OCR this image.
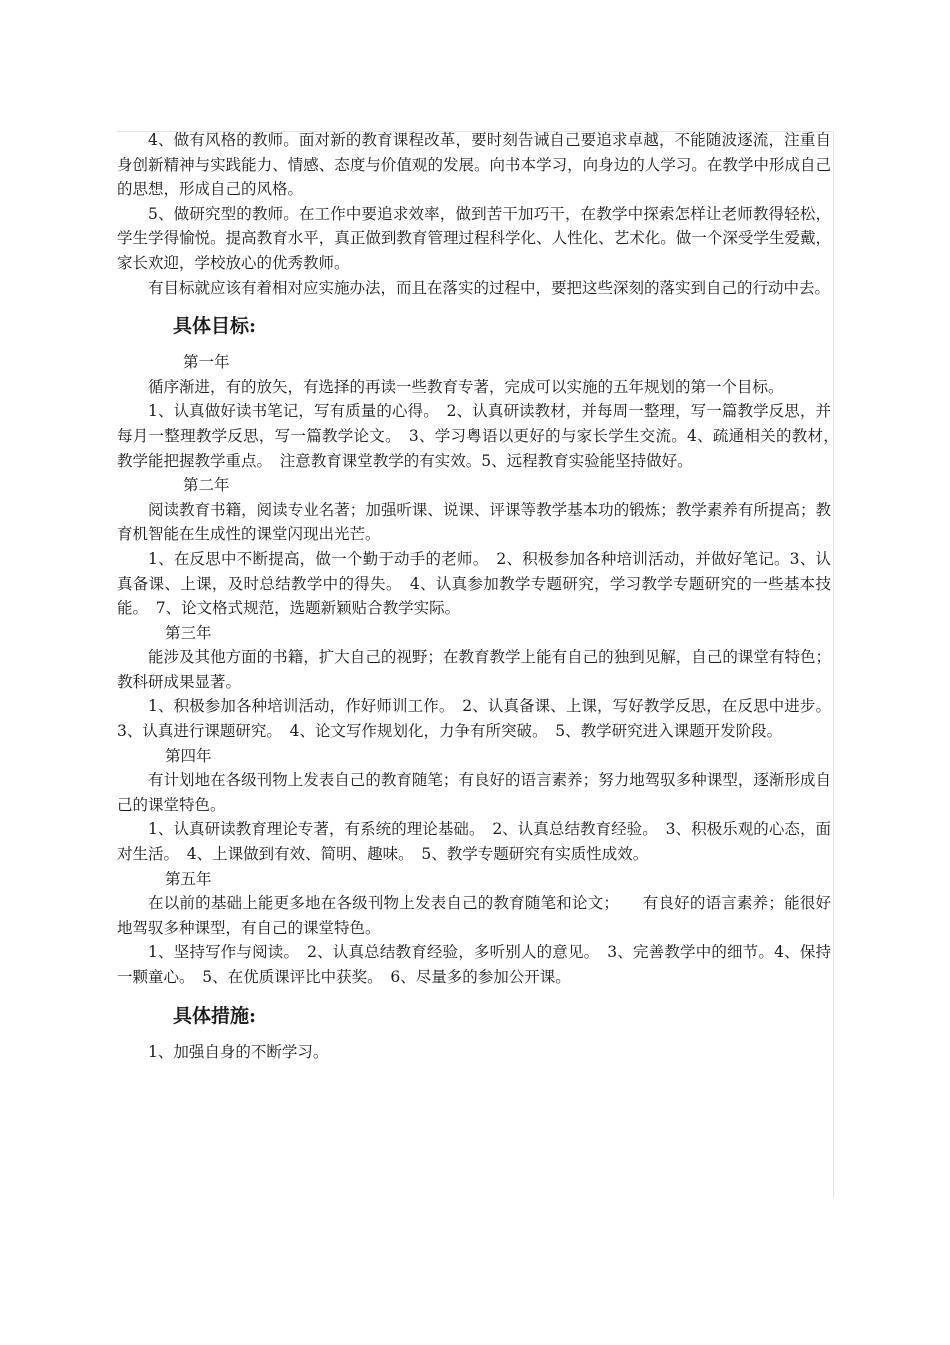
4、做有风格的教师。面对新的教育课程改革，要时刻告诫自己要追求卓越，不能随波逐流，注重自身创新精神与实践能力、情感、态度与价值观的发展。向书本学习，向身边的人学习。在教学中形成自己的思想，形成自己的风格。

5、做研究型的教师。在工作中要追求效率，做到苦干加巧干，在教学中探索怎样让老师教得轻松，学生学得愉悦。提高教育水平，真正做到教育管理过程科学化、人性化、艺术化。做一个深受学生爱戴，家长欢迎，学校放心的优秀教师。

有目标就应该有着相对应实施办法，而且在落实的过程中，要把这些深刻的落实到自己的行动中去。

具体目标:

第一年

循序渐进，有的放矢，有选择的再读一些教育专著，完成可以实施的五年规划的第一个目标。

1、认真做好读书笔记，写有质量的心得。　2、认真研读教材，并每周一整理，写一篇教学反思，并每月一整理教学反思，写一篇教学论文。　3、学习粤语以更好的与家长学生交流。4、疏通相关的教材，　教学能把握教学重点。　注意教育课堂教学的有实效。5、远程教育实验能坚持做好。

第二年

阅读教育书籍，阅读专业名著；加强听课、说课、评课等教学基本功的锻炼；教学素养有所提高；教育机智能在生成性的课堂闪现出光芒。

1、在反思中不断提高，做一个勤于动手的老师。　2、积极参加各种培训活动，并做好笔记。3、认真备课、上课，及时总结教学中的得失。　4、认真参加教学专题研究，学习教学专题研究的一些基本技能。　7、论文格式规范，选题新颖贴合教学实际。

第三年

能涉及其他方面的书籍，扩大自己的视野；在教育教学上能有自己的独到见解，自己的课堂有特色；教科研成果显著。

1、积极参加各种培训活动，作好师训工作。　2、认真备课、上课，写好教学反思，在反思中进步。3、认真进行课题研究。　4、论文写作规划化，力争有所突破。　5、教学研究进入课题开发阶段。

第四年

有计划地在各级刊物上发表自己的教育随笔；有良好的语言素养；努力地驾驭多种课型，逐渐形成自己的课堂特色。

1、认真研读教育理论专著，有系统的理论基础。　2、认真总结教育经验。　3、积极乐观的心态，面对生活。　4、上课做到有效、简明、趣味。　5、教学专题研究有实质性成效。

第五年

在以前的基础上能更多地在各级刊物上发表自己的教育随笔和论文；　　有良好的语言素养；能很好地驾驭多种课型，有自己的课堂特色。

1、坚持写作与阅读。　2、认真总结教育经验，多听别人的意见。　3、完善教学中的细节。4、保持一颗童心。　5、在优质课评比中获奖。　6、尽量多的参加公开课。

具体措施:

1、加强自身的不断学习。
